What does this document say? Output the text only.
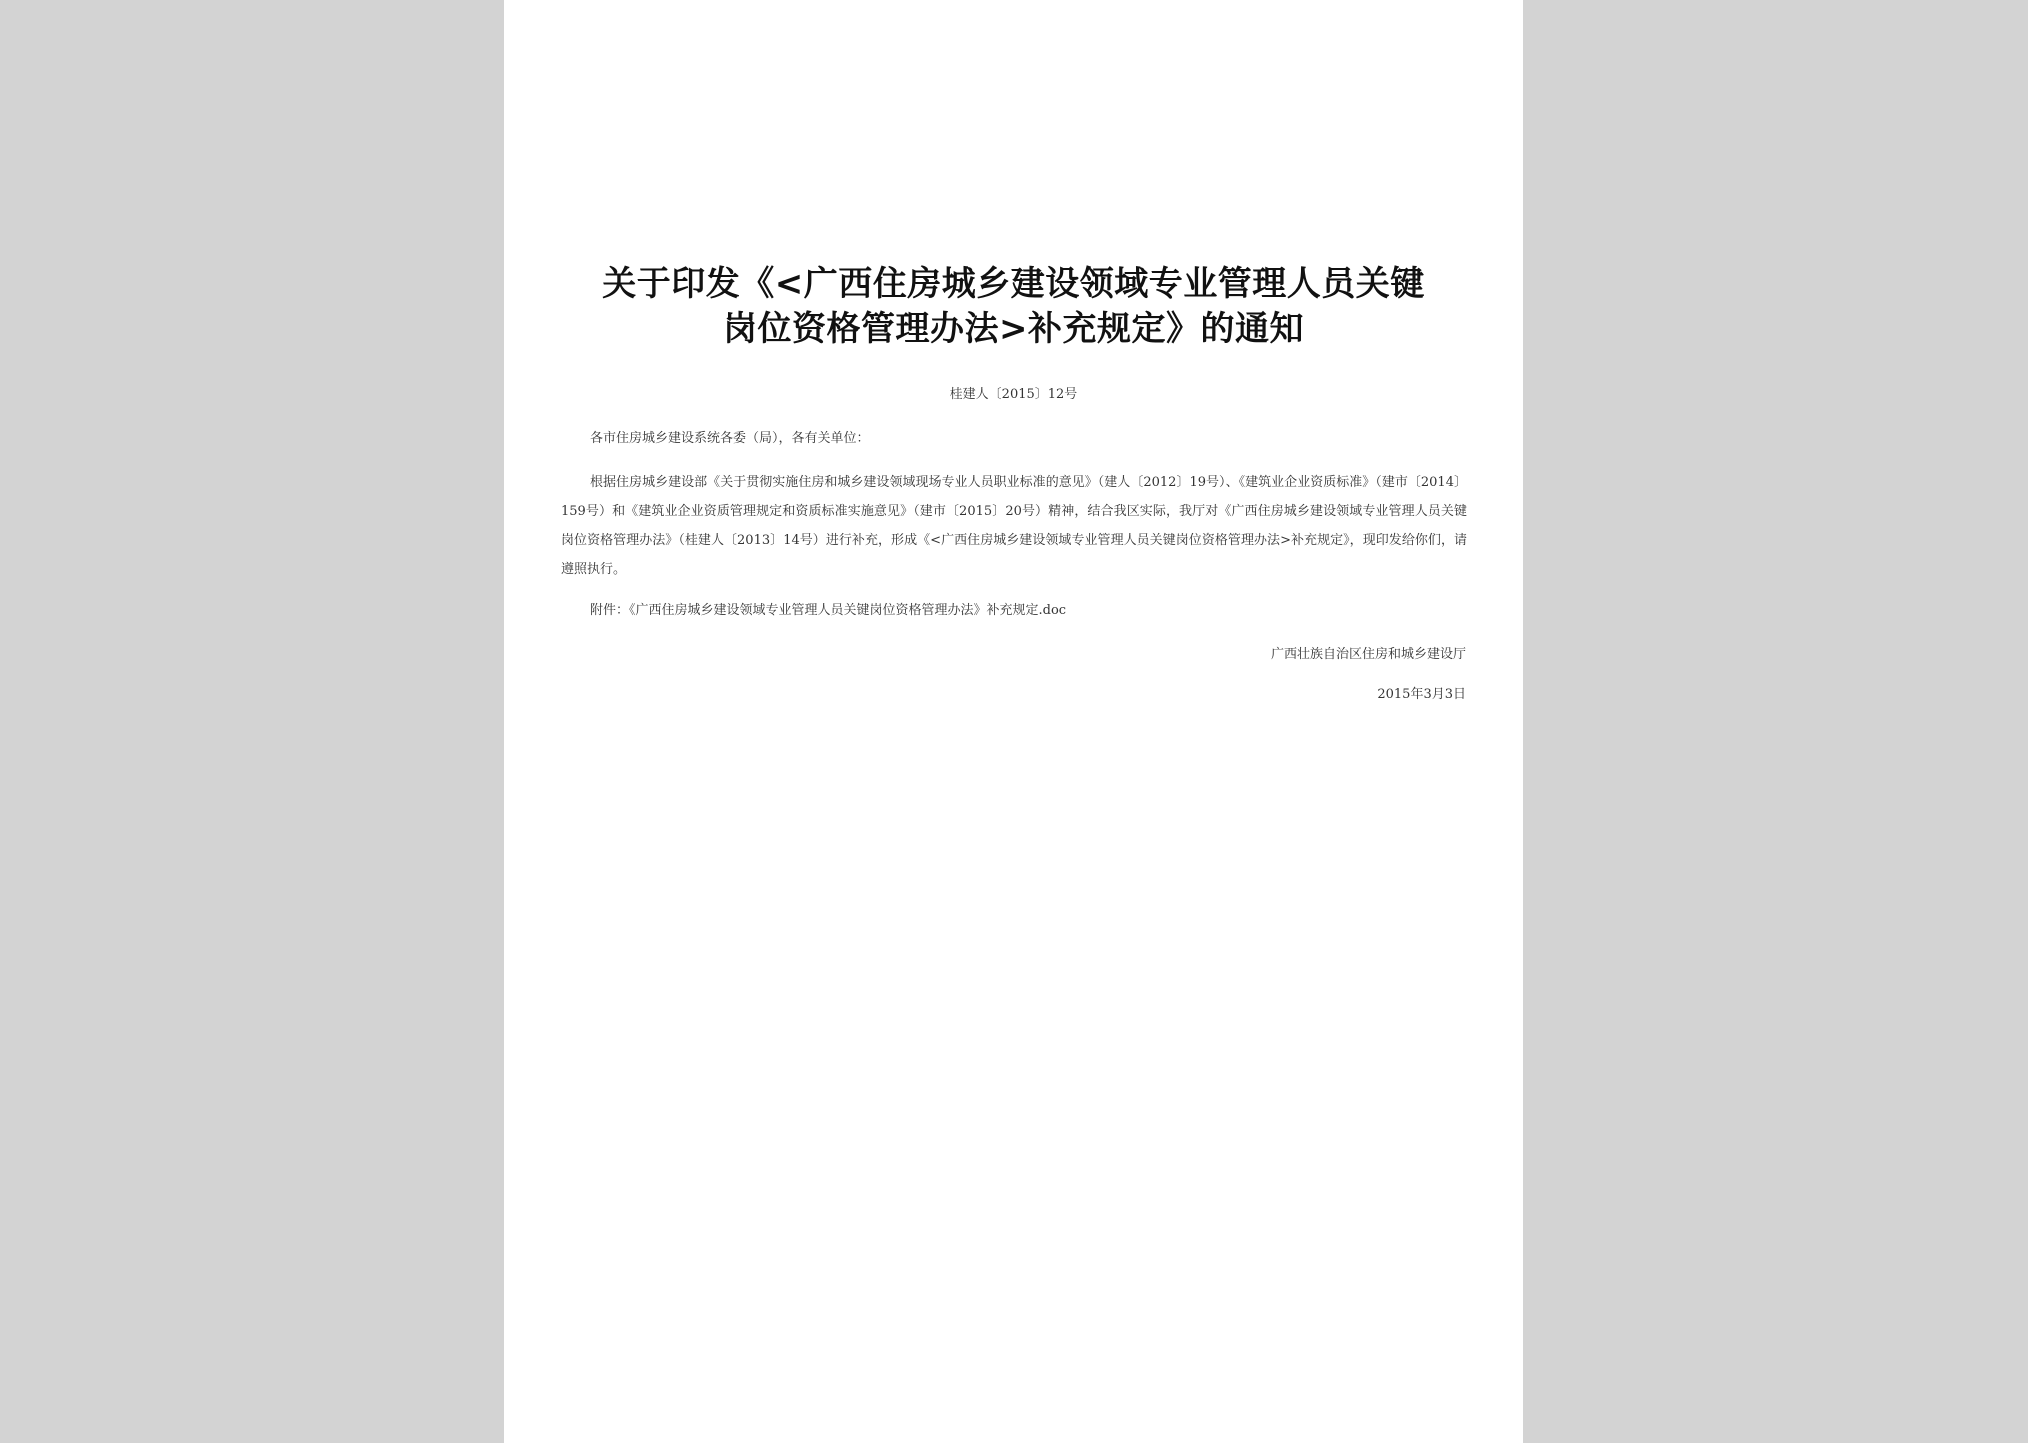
关于印发《<广西住房城乡建设领域专业管理人员关键
岗位资格管理办法>补充规定》的通知
桂建人〔2015〕12号
各市住房城乡建设系统各委（局），各有关单位：
根据住房城乡建设部《关于贯彻实施住房和城乡建设领域现场专业人员职业标准的意见》（建人〔2012〕19号）、《建筑业企业资质标准》（建市〔2014〕159号）和《建筑业企业资质管理规定和资质标准实施意见》（建市〔2015〕20号）精神，结合我区实际，我厅对《广西住房城乡建设领域专业管理人员关键岗位资格管理办法》（桂建人〔2013〕14号）进行补充，形成《<广西住房城乡建设领域专业管理人员关键岗位资格管理办法>补充规定》，现印发给你们，请遵照执行。
附件：《广西住房城乡建设领域专业管理人员关键岗位资格管理办法》补充规定.doc
广西壮族自治区住房和城乡建设厅
2015年3月3日
